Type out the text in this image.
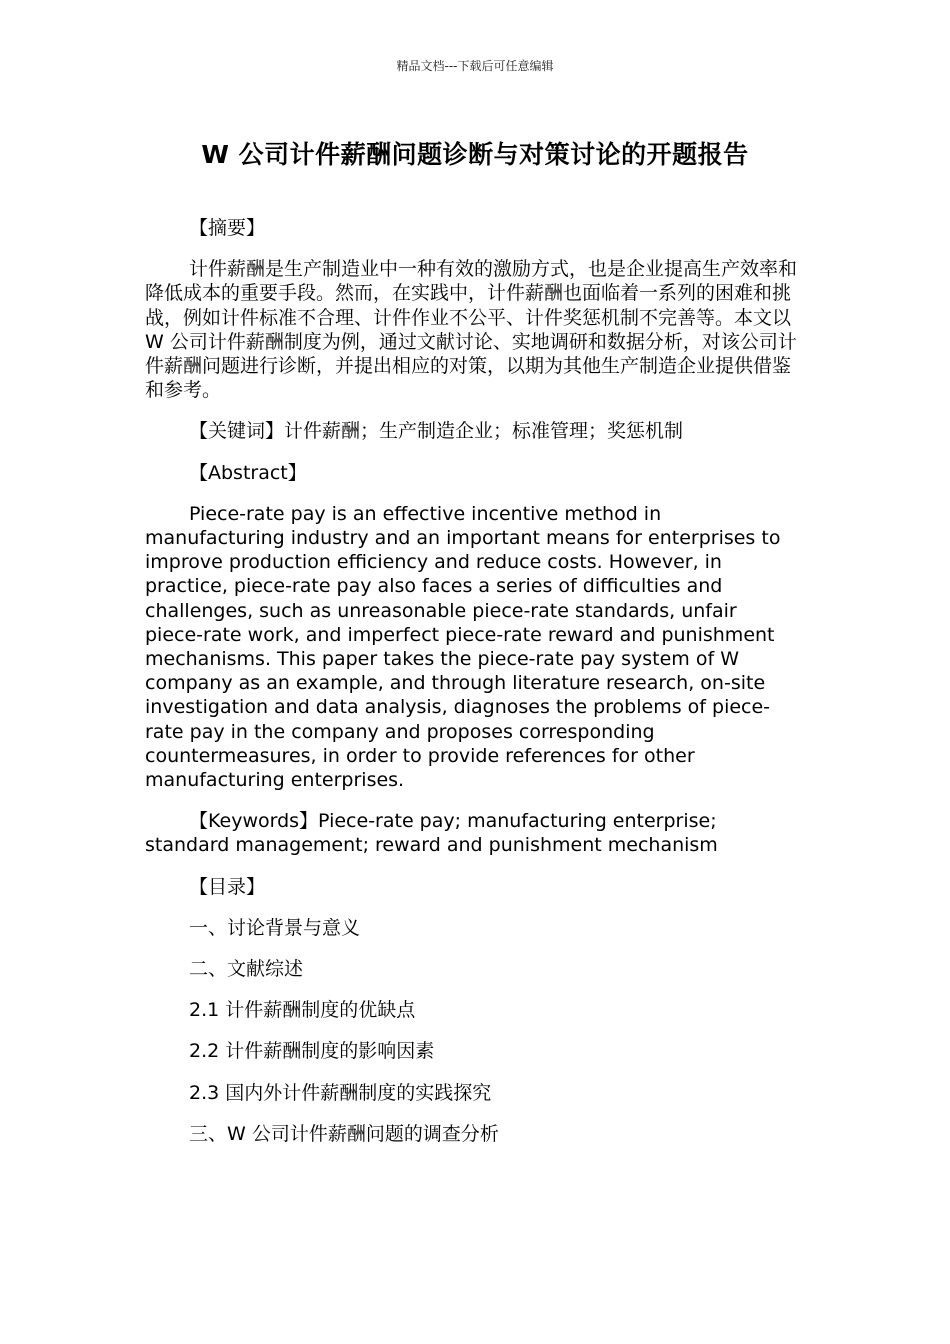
精品文档---下载后可任意编辑
W 公司计件薪酬问题诊断与对策讨论的开题报告

【摘要】

计件薪酬是生产制造业中一种有效的激励方式，也是企业提高生产效率和降低成本的重要手段。然而，在实践中，计件薪酬也面临着一系列的困难和挑战，例如计件标准不合理、计件作业不公平、计件奖惩机制不完善等。本文以 W 公司计件薪酬制度为例，通过文献讨论、实地调研和数据分析，对该公司计件薪酬问题进行诊断，并提出相应的对策，以期为其他生产制造企业提供借鉴和参考。

【关键词】计件薪酬；生产制造企业；标准管理；奖惩机制

【Abstract】

Piece-rate pay is an effective incentive method in manufacturing industry and an important means for enterprises to improve production efficiency and reduce costs. However, in practice, piece-rate pay also faces a series of difficulties and challenges, such as unreasonable piece-rate standards, unfair piece-rate work, and imperfect piece-rate reward and punishment mechanisms. This paper takes the piece-rate pay system of W company as an example, and through literature research, on-site investigation and data analysis, diagnoses the problems of piece-rate pay in the company and proposes corresponding countermeasures, in order to provide references for other manufacturing enterprises.

【Keywords】Piece-rate pay; manufacturing enterprise; standard management; reward and punishment mechanism

【目录】

一、讨论背景与意义

二、文献综述

2.1 计件薪酬制度的优缺点

2.2 计件薪酬制度的影响因素

2.3 国内外计件薪酬制度的实践探究

三、W 公司计件薪酬问题的调查分析
